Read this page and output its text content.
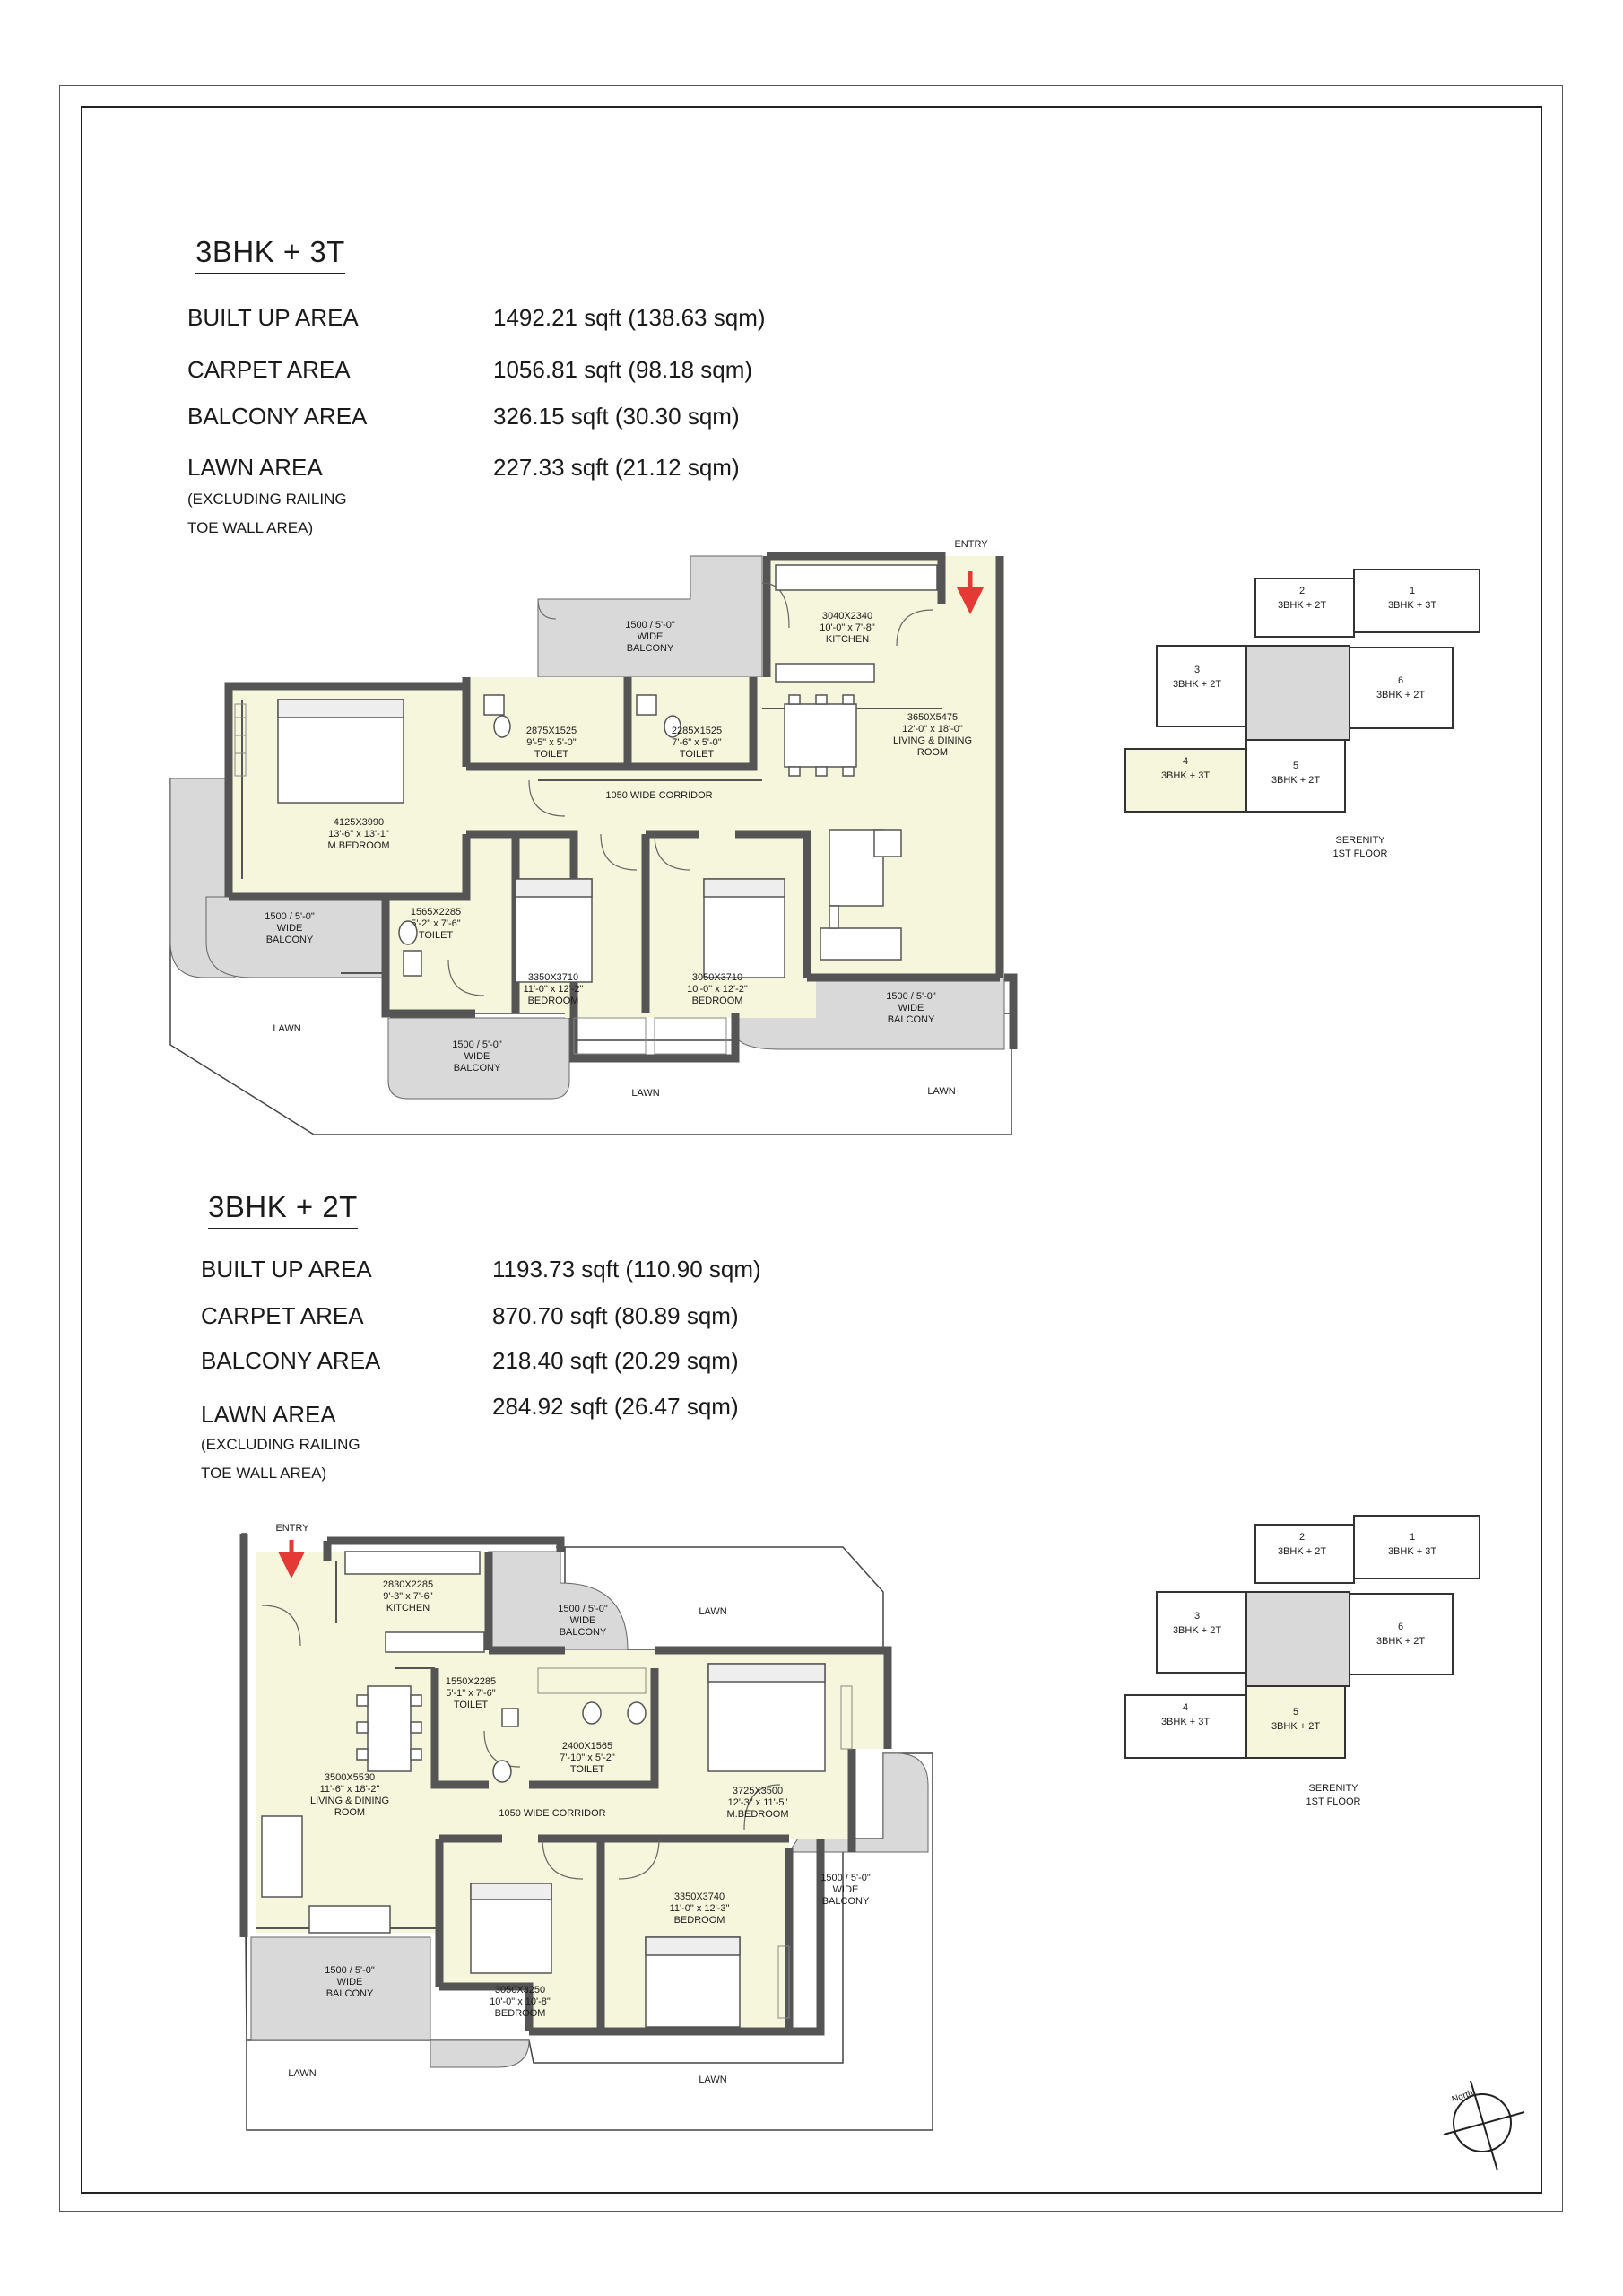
3BHK + 3T
BUILT UP AREA	1492.21 sqft (138.63 sqm)
CARPET AREA	1056.81 sqft (98.18 sqm)
BALCONY AREA	326.15 sqft (30.30 sqm)
LAWN AREA	227.33 sqft (21.12 sqm)
(EXCLUDING RAILING
TOE WALL AREA)
3BHK + 2T
BUILT UP AREA	1193.73 sqft (110.90 sqm)
CARPET AREA	870.70 sqft (80.89 sqm)
BALCONY AREA	218.40 sqft (20.29 sqm)
LAWN AREA	284.92 sqft (26.47 sqm)
(EXCLUDING RAILING
TOE WALL AREA)
ENTRY
1500 / 5'-0"
WIDE
BALCONY
3040X2340
10'-0" x 7'-8"
KITCHEN
2875X1525
9'-5" x 5'-0"
TOILET
2285X1525
7'-6" x 5'-0"
TOILET
3650X5475
12'-0" x 18'-0"
LIVING & DINING
ROOM
1050 WIDE CORRIDOR
4125X3990
13'-6" x 13'-1"
M.BEDROOM
1565X2285
5'-2" x 7'-6"
TOILET
3350X3710
11'-0" x 12'-2"
BEDROOM
3050X3710
10'-0" x 12'-2"
BEDROOM
1500 / 5'-0"
WIDE
BALCONY
1500 / 5'-0"
WIDE
BALCONY
1500 / 5'-0"
WIDE
BALCONY
LAWN
LAWN	LAWN
ENTRY
2830X2285
9'-3" x 7'-6"
KITCHEN	1500 / 5'-0"
WIDE
BALCONY
LAWN
1550X2285
5'-1" x 7'-6"
TOILET
2400X1565
7'-10" x 5'-2"
TOILET
3500X5530
11'-6" x 18'-2"
LIVING & DINING
ROOM	1050 WIDE CORRIDOR
3725X3500
12'-3" x 11'-5"
M.BEDROOM
3350X3740
11'-0" x 12'-3"
BEDROOM
3050X3250
10'-0" x 10'-8"
BEDROOM
1500 / 5'-0"
WIDE
BALCONY
1500 / 5'-0"
WIDE
BALCONY
LAWN
LAWN
2
3BHK + 2T
1
3BHK + 3T
3
3BHK + 2T	6
3BHK + 2T
4
3BHK + 3T
5
3BHK + 2T
SERENITY
1ST FLOOR
2
3BHK + 2T
1
3BHK + 3T
3
3BHK + 2T	6
3BHK + 2T
4
3BHK + 3T
5
3BHK + 2T
SERENITY
1ST FLOOR
North
